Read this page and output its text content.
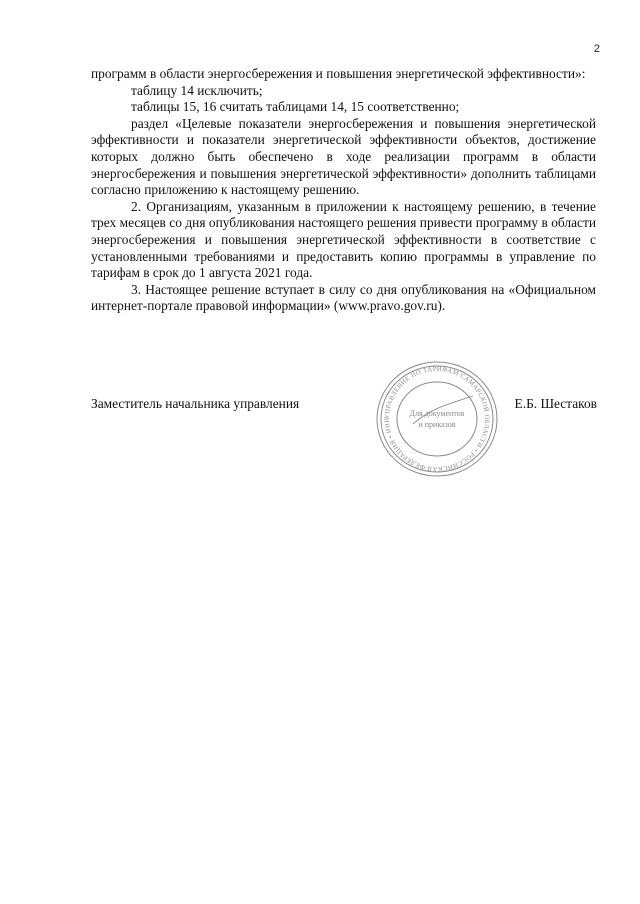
2

программ в области энергосбережения и повышения энергетической эффективности»:

таблицу 14 исключить;

таблицы 15, 16 считать таблицами 14, 15 соответственно;

раздел «Целевые показатели энергосбережения и повышения энергетической эффективности и показатели энергетической эффективности объектов, достижение которых должно быть обеспечено в ходе реализации программ в области энергосбережения и повышения энергетической эффективности» дополнить таблицами согласно приложению к настоящему решению.

2. Организациям, указанным в приложении к настоящему решению, в течение трех месяцев со дня опубликования настоящего решения привести программу в области энергосбережения и повышения энергетической эффективности в соответствие с установленными требованиями и предоставить копию программы в управление по тарифам в срок до 1 августа 2021 года.

3. Настоящее решение вступает в силу со дня опубликования на «Официальном интернет-портале правовой информации» (www.pravo.gov.ru).

Заместитель начальника управления	Е.Б. Шестаков
УПРАВЛЕНИЕ ПО ТАРИФАМ САМАРСКОЙ ОБЛАСТИ • РОССИЙСКАЯ ФЕДЕРАЦИЯ • ИНН
Для документов
и приказов
